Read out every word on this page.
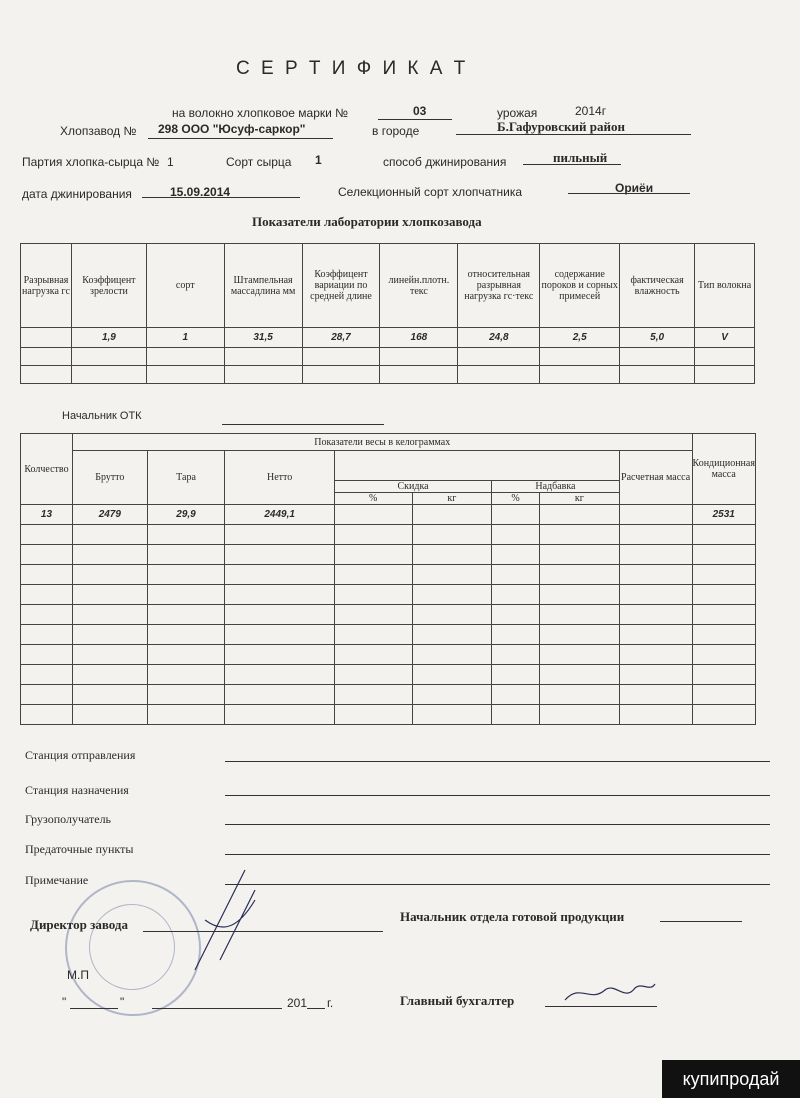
С Е Р Т И Ф И К А Т
на волокно хлопковое марки №	03	урожая	2014г
Хлопзавод № 298 ООО "Юсуф-саркор"	в городе	Б.Гафуровский район
Партия хлопка-сырца № 1	Сорт сырца 1	способ джинирования	пильный
дата джинирования	15.09.2014	Селекционный сорт хлопчатника	Ориёи
Показатели лаборатории хлопкозавода
Разрывная нагрузка гс	Коэффицент зрелости	сорт	Штампельная массадлина мм	Коэффицент вариации по средней длине	линейн.плотн. текс	относительная разрывная нагрузка гс·текс	содержание пороков и сорных примесей	фактическая влажность	Тип волокна
	1,9	1	31,5	28,7	168	24,8	2,5	5,0	V

Начальник ОТК
Колчество	Показатели весы в келограммах								Кондиционная масса
	Брутто	Тара	Нетто					Расчетная масса	
				Скидка		Надбавка			
				%	кг	%	кг		
13	2479	29,9	2449,1						2531

Станция отправления
Станция назначения
Грузополучатель
Предаточные пункты
Примечание
Директор завода
Начальник отдела готовой продукции
М.П
"	"	201 г.	Главный бухгалтер
купипродай
